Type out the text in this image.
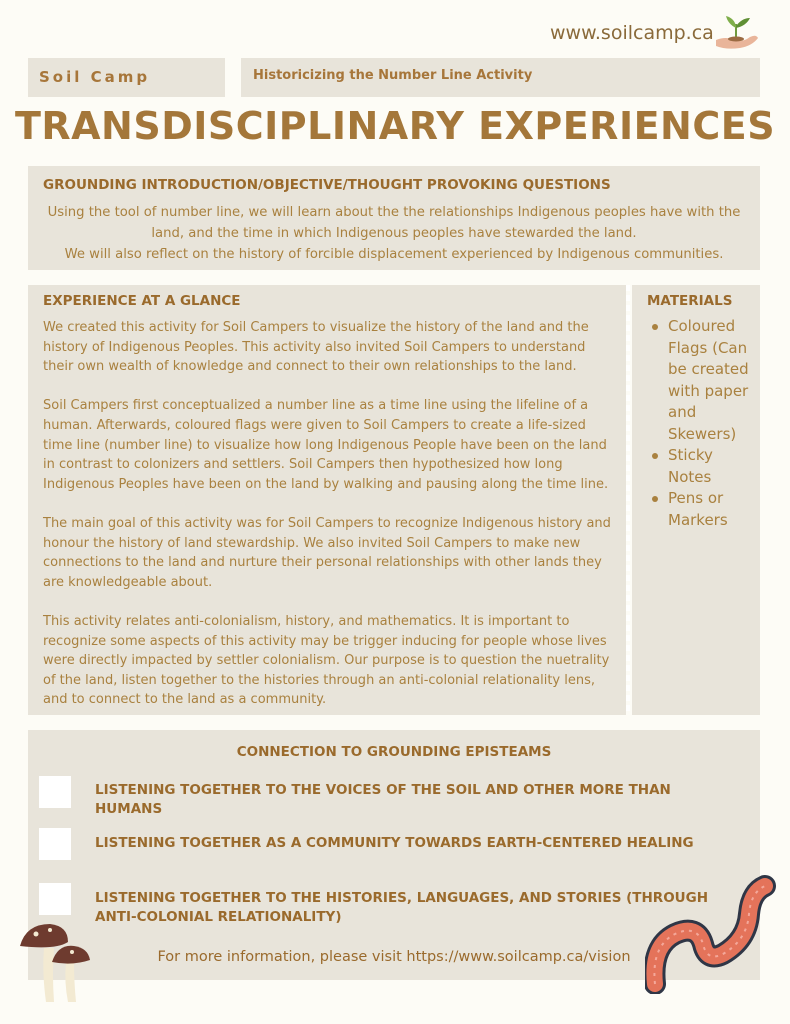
www.soilcamp.ca
Soil Camp	Historicizing the Number Line Activity
TRANSDISCIPLINARY EXPERIENCES
GROUNDING INTRODUCTION/OBJECTIVE/THOUGHT PROVOKING QUESTIONS
Using the tool of number line, we will learn about the the relationships Indigenous peoples have with the
land, and the time in which Indigenous peoples have stewarded the land.
We will also reflect on the history of forcible displacement experienced by Indigenous communities.
EXPERIENCE AT A GLANCE

We created this activity for Soil Campers to visualize the history of the land and the history of Indigenous Peoples. This activity also invited Soil Campers to understand their own wealth of knowledge and connect to their own relationships to the land.

Soil Campers first conceptualized a number line as a time line using the lifeline of a human. Afterwards, coloured flags were given to Soil Campers to create a life-sized time line (number line) to visualize how long Indigenous People have been on the land in contrast to colonizers and settlers. Soil Campers then hypothesized how long Indigenous Peoples have been on the land by walking and pausing along the time line.

The main goal of this activity was for Soil Campers to recognize Indigenous history and honour the history of land stewardship. We also invited Soil Campers to make new connections to the land and nurture their personal relationships with other lands they are knowledgeable about.

This activity relates anti-colonialism, history, and mathematics. It is important to recognize some aspects of this activity may be trigger inducing for people whose lives were directly impacted by settler colonialism. Our purpose is to question the nuetrality of the land, listen together to the histories through an anti-colonial relationality lens, and to connect to the land as a community.

MATERIALS
Coloured Flags (Can be created with paper and Skewers)
Sticky Notes
Pens or Markers
CONNECTION TO GROUNDING EPISTEAMS
LISTENING TOGETHER TO THE VOICES OF THE SOIL AND OTHER MORE THAN HUMANS
LISTENING TOGETHER AS A COMMUNITY TOWARDS EARTH-CENTERED HEALING
LISTENING TOGETHER TO THE HISTORIES, LANGUAGES, AND STORIES (THROUGH ANTI-COLONIAL RELATIONALITY)
For more information, please visit https://www.soilcamp.ca/vision
